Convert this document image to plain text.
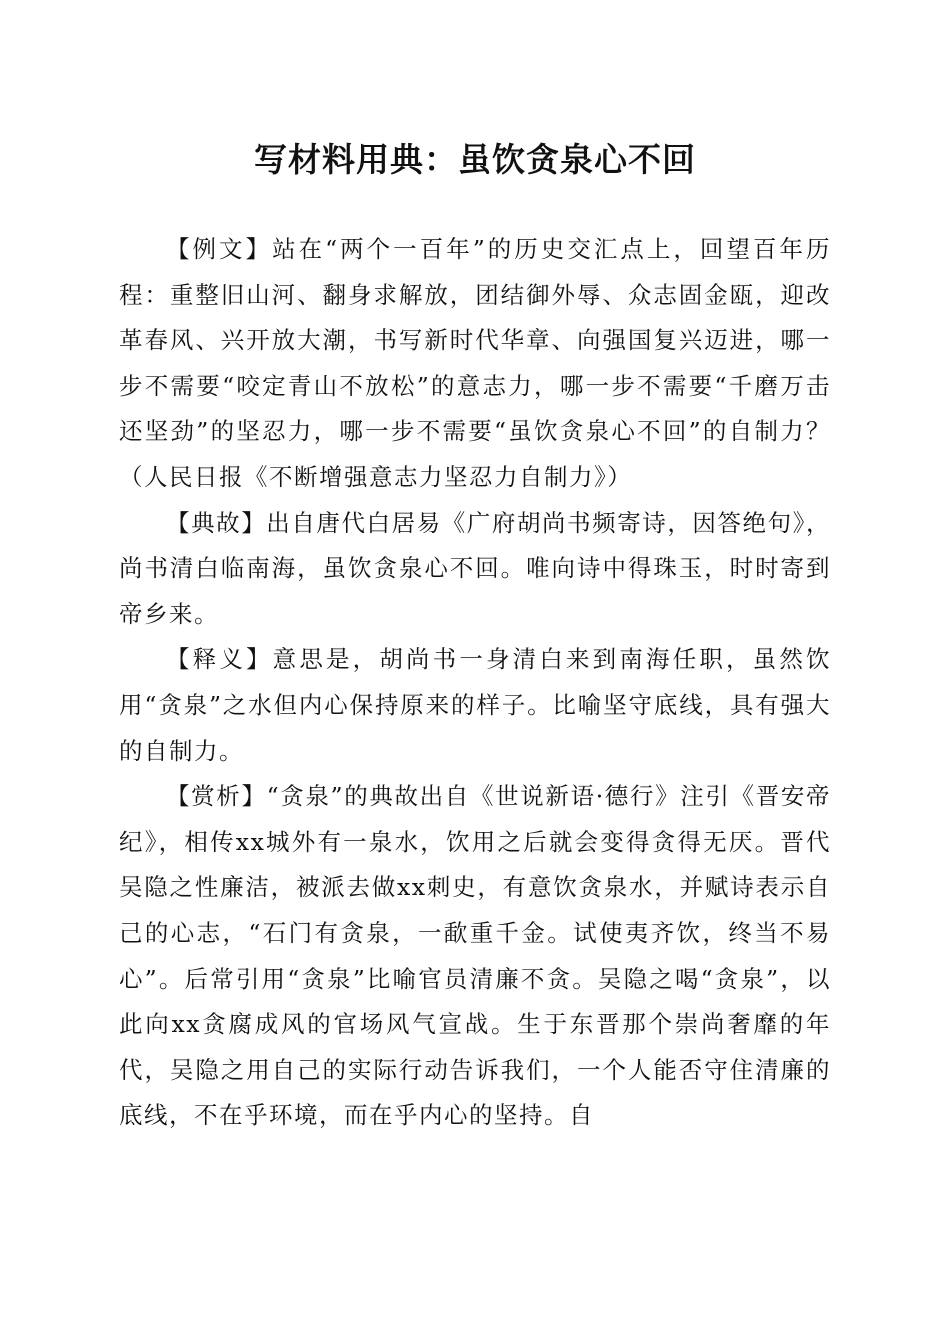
写材料用典：虽饮贪泉心不回

【例文】站在“两个一百年”的历史交汇点上，回望百年历程：重整旧山河、翻身求解放，团结御外辱、众志固金瓯，迎改革春风、兴开放大潮，书写新时代华章、向强国复兴迈进，哪一步不需要“咬定青山不放松”的意志力，哪一步不需要“千磨万击还坚劲”的坚忍力，哪一步不需要“虽饮贪泉心不回”的自制力？（人民日报《不断增强意志力坚忍力自制力》）

【典故】出自唐代白居易《广府胡尚书频寄诗，因答绝句》，尚书清白临南海，虽饮贪泉心不回。唯向诗中得珠玉，时时寄到帝乡来。

【释义】意思是，胡尚书一身清白来到南海任职，虽然饮用“贪泉”之水但内心保持原来的样子。比喻坚守底线，具有强大的自制力。

【赏析】“贪泉”的典故出自《世说新语·德行》注引《晋安帝纪》，相传xx城外有一泉水，饮用之后就会变得贪得无厌。晋代吴隐之性廉洁，被派去做xx刺史，有意饮贪泉水，并赋诗表示自己的心志，“石门有贪泉，一歃重千金。试使夷齐饮，终当不易心”。后常引用“贪泉”比喻官员清廉不贪。吴隐之喝“贪泉”，以此向xx贪腐成风的官场风气宣战。生于东晋那个崇尚奢靡的年代，吴隐之用自己的实际行动告诉我们，一个人能否守住清廉的底线，不在乎环境，而在乎内心的坚持。自
